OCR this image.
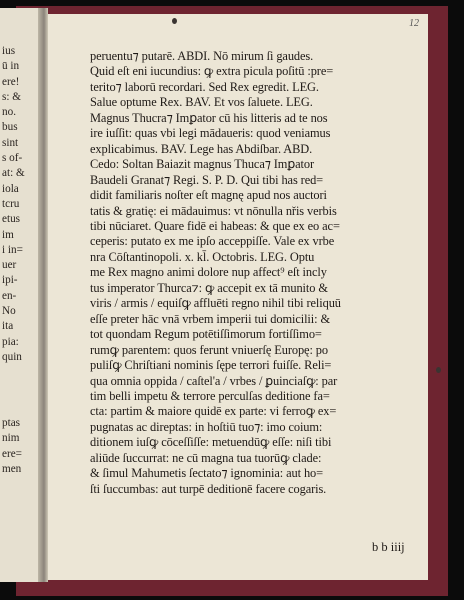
ius
ū in
ere!
s: &
no.
bus
sint
s of-
at: &
iola
tcru
etus
im
i in=
uer
ipi-
en-
No
ita
pia:
quin
ptas
nim
ere=
men
12
peruentu⁊ putarē. ABDI. Nō mirum ſi gaudes.
Quid eſt eni iucundius: ꝙ extra picula poſitū :pre=
terito⁊ laborū recordari. Sed Rex egredit. LEG.
Salue optume Rex. BAV. Et vos ſaluete. LEG.
Magnus Thucra⁊ Imꝑator cū his litteris ad te nos
ire iuſſit: quas vbi legi mādaueris: quod veniamus
explicabimus. BAV. Lege has Abdiſbar. ABD.
Cedo: Soltan Baiazit magnus Thuca⁊ Imꝑator
Baudeli Granat⁊ Regi. S. P. D. Qui tibi has red=
didit familiaris noſter eſt magnę apud nos auctori
tatis & gratię: ei mādauimus: vt nōnulla nřis verbis
tibi nūciaret. Quare fidē ei habeas: & que ex eo ac=
ceperis: putato ex me ipſo acceppiſſe. Vale ex vrbe
nra Cōſtantinopoli. x. kl̄. Octobris. LEG. Optu
me Rex magno animi dolore nup affect⁹ eſt incly
tus imperator Thurca⁊: ꝙ accepit ex tā munito &
viris / armis / equiſꝙ affluēti regno nihil tibi reliquū
eſſe preter hāc vnā vrbem imperii tui domicilii: &
tot quondam Regum potētiſſimorum fortiſſimo=
rumꝙ parentem: quos ferunt vniuerſę Europę: po
puliſꝙ Chriſtiani nominis ſępe terrori fuiſſe. Reli=
qua omnia oppida / caſtel'a / vrbes / ꝑuinciaſꝙ: par
tim belli impetu & terrore perculſas deditione fa=
cta: partim & maiore quidē ex parte: vi ferroꝙ ex=
pugnatas ac direptas: in hoſtiū tuo⁊: imo coium:
ditionem iuſꝙ cōceſſiſſe: metuendūꝙ eſſe: niſi tibi
aliūde ſuccurrat: ne cū magna tua tuorūꝙ clade:
& ſimul Mahumetis ſectato⁊ ignominia: aut ho=
ſti ſuccumbas: aut turpē deditionē facere cogaris.
b b iiij
